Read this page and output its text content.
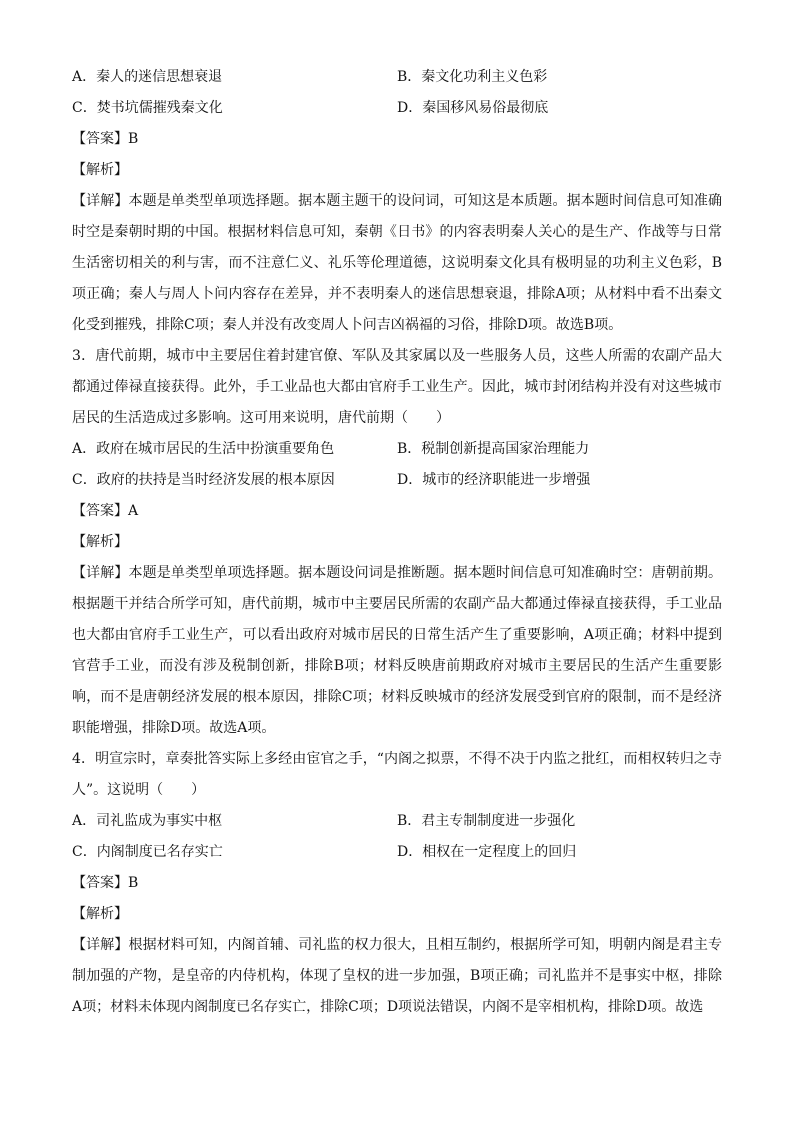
A．秦人的迷信思想衰退	B．秦文化功利主义色彩
C．焚书坑儒摧残秦文化	D．秦国移风易俗最彻底
【答案】B
【解析】

【详解】本题是单类型单项选择题。据本题主题干的设问词，可知这是本质题。据本题时间信息可知准确时空是秦朝时期的中国。根据材料信息可知，秦朝《日书》的内容表明秦人关心的是生产、作战等与日常生活密切相关的利与害，而不注意仁义、礼乐等伦理道德，这说明秦文化具有极明显的功利主义色彩，B项正确；秦人与周人卜问内容存在差异，并不表明秦人的迷信思想衰退，排除A项；从材料中看不出秦文化受到摧残，排除C项；秦人并没有改变周人卜问吉凶祸福的习俗，排除D项。故选B项。

3．唐代前期，城市中主要居住着封建官僚、军队及其家属以及一些服务人员，这些人所需的农副产品大都通过俸禄直接获得。此外，手工业品也大都由官府手工业生产。因此，城市封闭结构并没有对这些城市居民的生活造成过多影响。这可用来说明，唐代前期（　　）

A．政府在城市居民的生活中扮演重要角色	B．税制创新提高国家治理能力
C．政府的扶持是当时经济发展的根本原因	D．城市的经济职能进一步增强
【答案】A
【解析】

【详解】本题是单类型单项选择题。据本题设问词是推断题。据本题时间信息可知准确时空：唐朝前期。根据题干并结合所学可知，唐代前期，城市中主要居民所需的农副产品大都通过俸禄直接获得，手工业品也大都由官府手工业生产，可以看出政府对城市居民的日常生活产生了重要影响，A项正确；材料中提到官营手工业，而没有涉及税制创新，排除B项；材料反映唐前期政府对城市主要居民的生活产生重要影响，而不是唐朝经济发展的根本原因，排除C项；材料反映城市的经济发展受到官府的限制，而不是经济职能增强，排除D项。故选A项。

4．明宣宗时，章奏批答实际上多经由宦官之手，“内阁之拟票，不得不决于内监之批红，而相权转归之寺人”。这说明（　　）

A．司礼监成为事实中枢	B．君主专制制度进一步强化
C．内阁制度已名存实亡	D．相权在一定程度上的回归
【答案】B
【解析】

【详解】根据材料可知，内阁首辅、司礼监的权力很大，且相互制约，根据所学可知，明朝内阁是君主专制加强的产物，是皇帝的内侍机构，体现了皇权的进一步加强，B项正确；司礼监并不是事实中枢，排除A项；材料未体现内阁制度已名存实亡，排除C项；D项说法错误，内阁不是宰相机构，排除D项。故选
